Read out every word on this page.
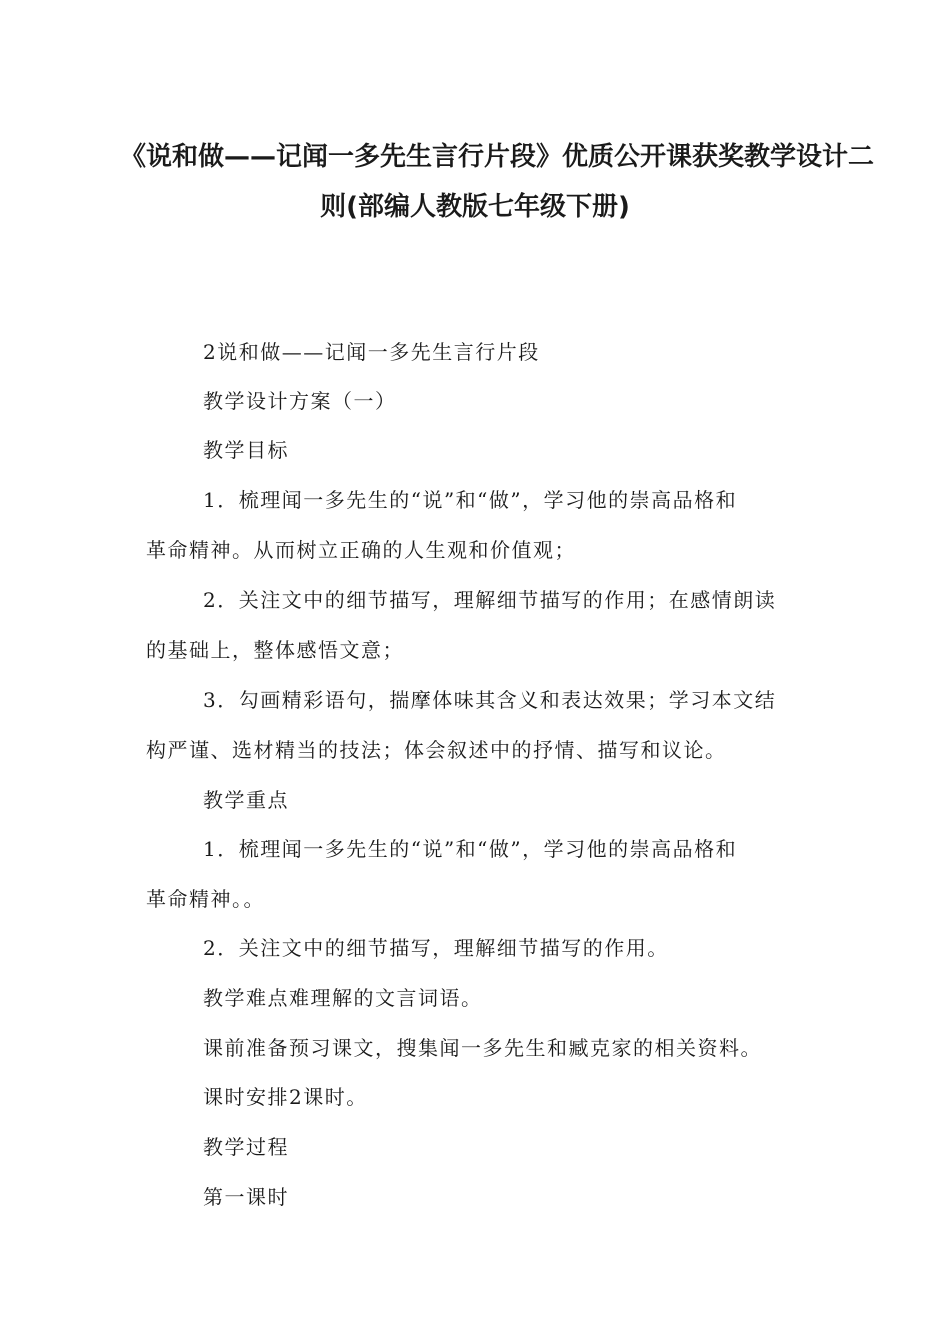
《说和做——记闻一多先生言行片段》优质公开课获奖教学设计二
则(部编人教版七年级下册)
2说和做——记闻一多先生言行片段
教学设计方案（一）
教学目标
1．梳理闻一多先生的“说”和“做”，学习他的崇高品格和
革命精神。从而树立正确的人生观和价值观；
2．关注文中的细节描写，理解细节描写的作用；在感情朗读
的基础上，整体感悟文意；
3．勾画精彩语句，揣摩体味其含义和表达效果；学习本文结
构严谨、选材精当的技法；体会叙述中的抒情、描写和议论。
教学重点
1．梳理闻一多先生的“说”和“做”，学习他的崇高品格和
革命精神。。
2．关注文中的细节描写，理解细节描写的作用。
教学难点难理解的文言词语。
课前准备预习课文，搜集闻一多先生和臧克家的相关资料。
课时安排2课时。
教学过程
第一课时
